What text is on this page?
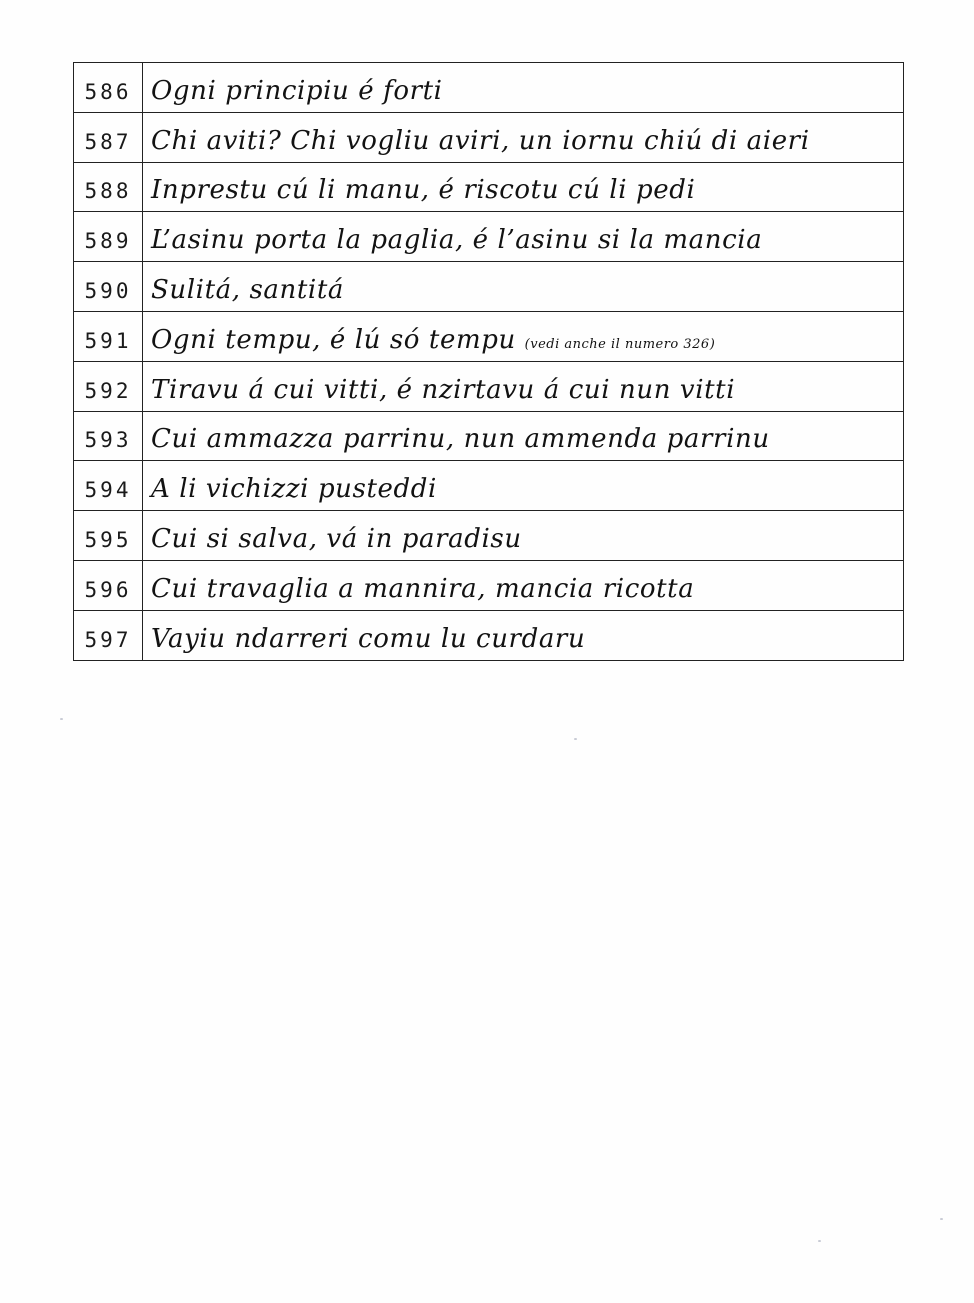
586	Ogni principiu é forti
587	Chi aviti? Chi vogliu aviri, un iornu chiú di aieri
588	Inprestu cú li manu, é riscotu cú li pedi
589	L’asinu porta la paglia, é l’asinu si la mancia
590	Sulitá, santitá
591	Ogni tempu, é lú só tempu (vedi anche il numero 326)
592	Tiravu á cui vitti, é nzirtavu á cui nun vitti
593	Cui ammazza parrinu, nun ammenda parrinu
594	A li vichizzi pusteddi
595	Cui si salva, vá in paradisu
596	Cui travaglia a mannira, mancia ricotta
597	Vayiu ndarreri comu lu curdaru
